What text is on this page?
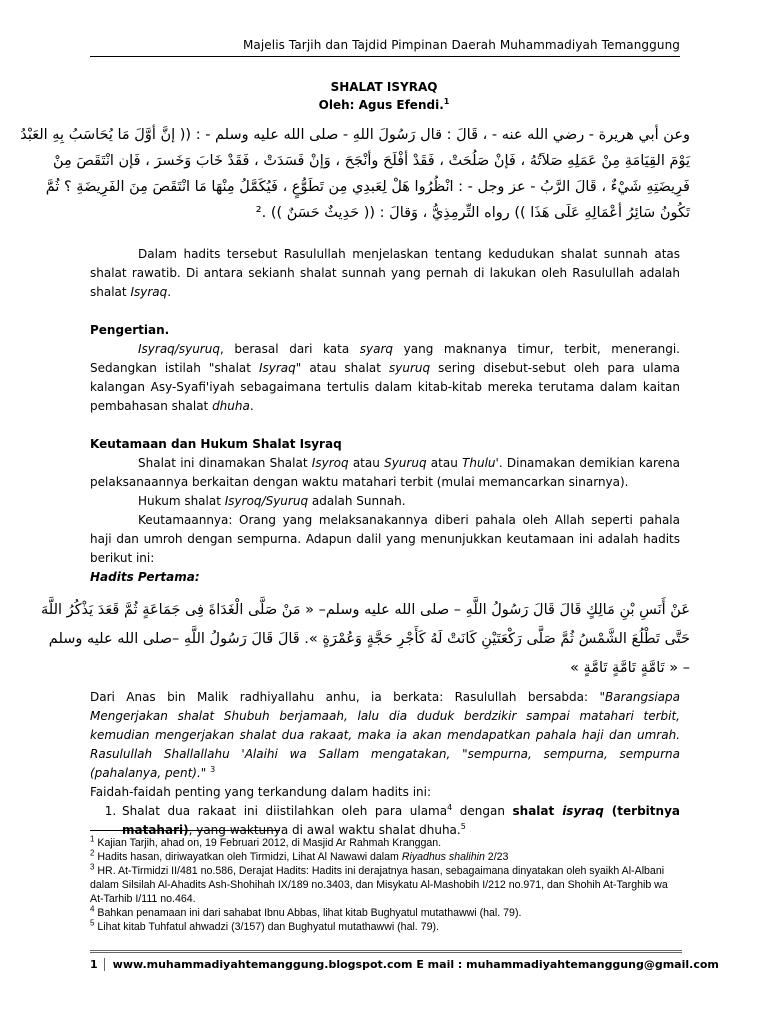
Majelis Tarjih dan Tajdid Pimpinan Daerah Muhammadiyah Temanggung
SHALAT ISYRAQ
Oleh: Agus Efendi.$^1$
وعن أبي هريرة - رضي الله عنه - ، قَالَ : قال رَسُولَ اللهِ - صلى الله عليه وسلم - : (( إنَّ أوَّلَ مَا يُحَاسَبُ بِهِ العَبْدُ
يَوْمَ القِيَامَةِ مِنْ عَمَلِهِ صَلاَتُهُ ، فَإنْ صَلُحَتْ ، فَقَدْ أفْلَحَ وأنْجَحَ ، وَإنْ فَسَدَتْ ، فَقَدْ خَابَ وَخَسرَ ، فَإن انْتَقَصَ مِنْ
فَرِيضَتِهِ شَيْءٌ ، قَالَ الرَّبُ - عز وجل - : انْظُرُوا هَلْ لِعَبدِي مِن تَطَوُّعٍ ، فَيُكَمَّلُ مِنْهَا مَا انْتَقَصَ مِنَ الفَرِيضَةِ ؟ ثُمَّ
تَكُونُ سَائِرُ أعْمَالِهِ عَلَى هَذَا )) رواه التِّرمِذِيُّ ، وَقالَ : (( حَدِيثٌ حَسَنٌ )) .²

Dalam hadits tersebut Rasulullah menjelaskan tentang kedudukan shalat sunnah atas shalat rawatib. Di antara sekianh shalat sunnah yang pernah di lakukan oleh Rasulullah adalah shalat Isyraq.

Pengertian.

Isyraq/syuruq, berasal dari kata syarq yang maknanya timur, terbit, menerangi. Sedangkan istilah "shalat Isyraq" atau shalat syuruq sering disebut-sebut oleh para ulama kalangan Asy-Syafi'iyah sebagaimana tertulis dalam kitab-kitab mereka terutama dalam kaitan pembahasan shalat dhuha.

Keutamaan dan Hukum Shalat Isyraq

Shalat ini dinamakan Shalat Isyroq atau Syuruq atau Thulu'. Dinamakan demikian karena pelaksanaannya berkaitan dengan waktu matahari terbit (mulai memancarkan sinarnya).

Hukum shalat Isyroq/Syuruq adalah Sunnah.

Keutamaannya: Orang yang melaksanakannya diberi pahala oleh Allah seperti pahala haji dan umroh dengan sempurna. Adapun dalil yang menunjukkan keutamaan ini adalah hadits berikut ini:

Hadits Pertama:

عَنْ أَنَسِ بْنِ مَالِكٍ قَالَ قَالَ رَسُولُ اللَّهِ – صلى الله عليه وسلم– « مَنْ صَلَّى الْغَدَاةَ فِى جَمَاعَةٍ ثُمَّ قَعَدَ يَذْكُرُ اللَّهَ
حَتَّى تَطْلُعَ الشَّمْسُ ثُمَّ صَلَّى رَكْعَتَيْنِ كَانَتْ لَهُ كَأَجْرِ حَجَّةٍ وَعُمْرَةٍ ». قَالَ قَالَ رَسُولُ اللَّهِ –صلى الله عليه وسلم
– « تَامَّةٍ تَامَّةٍ تَامَّةٍ »

Dari Anas bin Malik radhiyallahu anhu, ia berkata: Rasulullah bersabda: "Barangsiapa Mengerjakan shalat Shubuh berjamaah, lalu dia duduk berdzikir sampai matahari terbit, kemudian mengerjakan shalat dua rakaat, maka ia akan mendapatkan pahala haji dan umrah. Rasulullah Shallallahu 'Alaihi wa Sallam mengatakan, "sempurna, sempurna, sempurna (pahalanya, pent)." $^3$

Faidah-faidah penting yang terkandung dalam hadits ini:

1. Shalat dua rakaat ini diistilahkan oleh para ulama$^4$ dengan shalat isyraq (terbitnya matahari), yang waktunya di awal waktu shalat dhuha.$^5$

$^1$ Kajian Tarjih, ahad on, 19 Februari 2012, di Masjid Ar Rahmah Kranggan.

$^2$ Hadits hasan, diriwayatkan oleh Tirmidzi, Lihat Al Nawawi dalam Riyadhus shalihin 2/23

$^3$ HR. At-Tirmidzi II/481 no.586, Derajat Hadits: Hadits ini derajatnya hasan, sebagaimana dinyatakan oleh syaikh Al-Albani dalam Silsilah Al-Ahadits Ash-Shohihah IX/189 no.3403, dan Misykatu Al-Mashobih I/212 no.971, dan Shohih At-Targhib wa At-Tarhib I/111 no.464.

$^4$ Bahkan penamaan ini dari sahabat Ibnu Abbas, lihat kitab Bughyatul mutathawwi (hal. 79).

$^5$ Lihat kitab Tuhfatul ahwadzi (3/157) dan Bughyatul mutathawwi (hal. 79).

1	www.muhammadiyahtemanggung.blogspot.com E mail : muhammadiyahtemanggung@gmail.com
